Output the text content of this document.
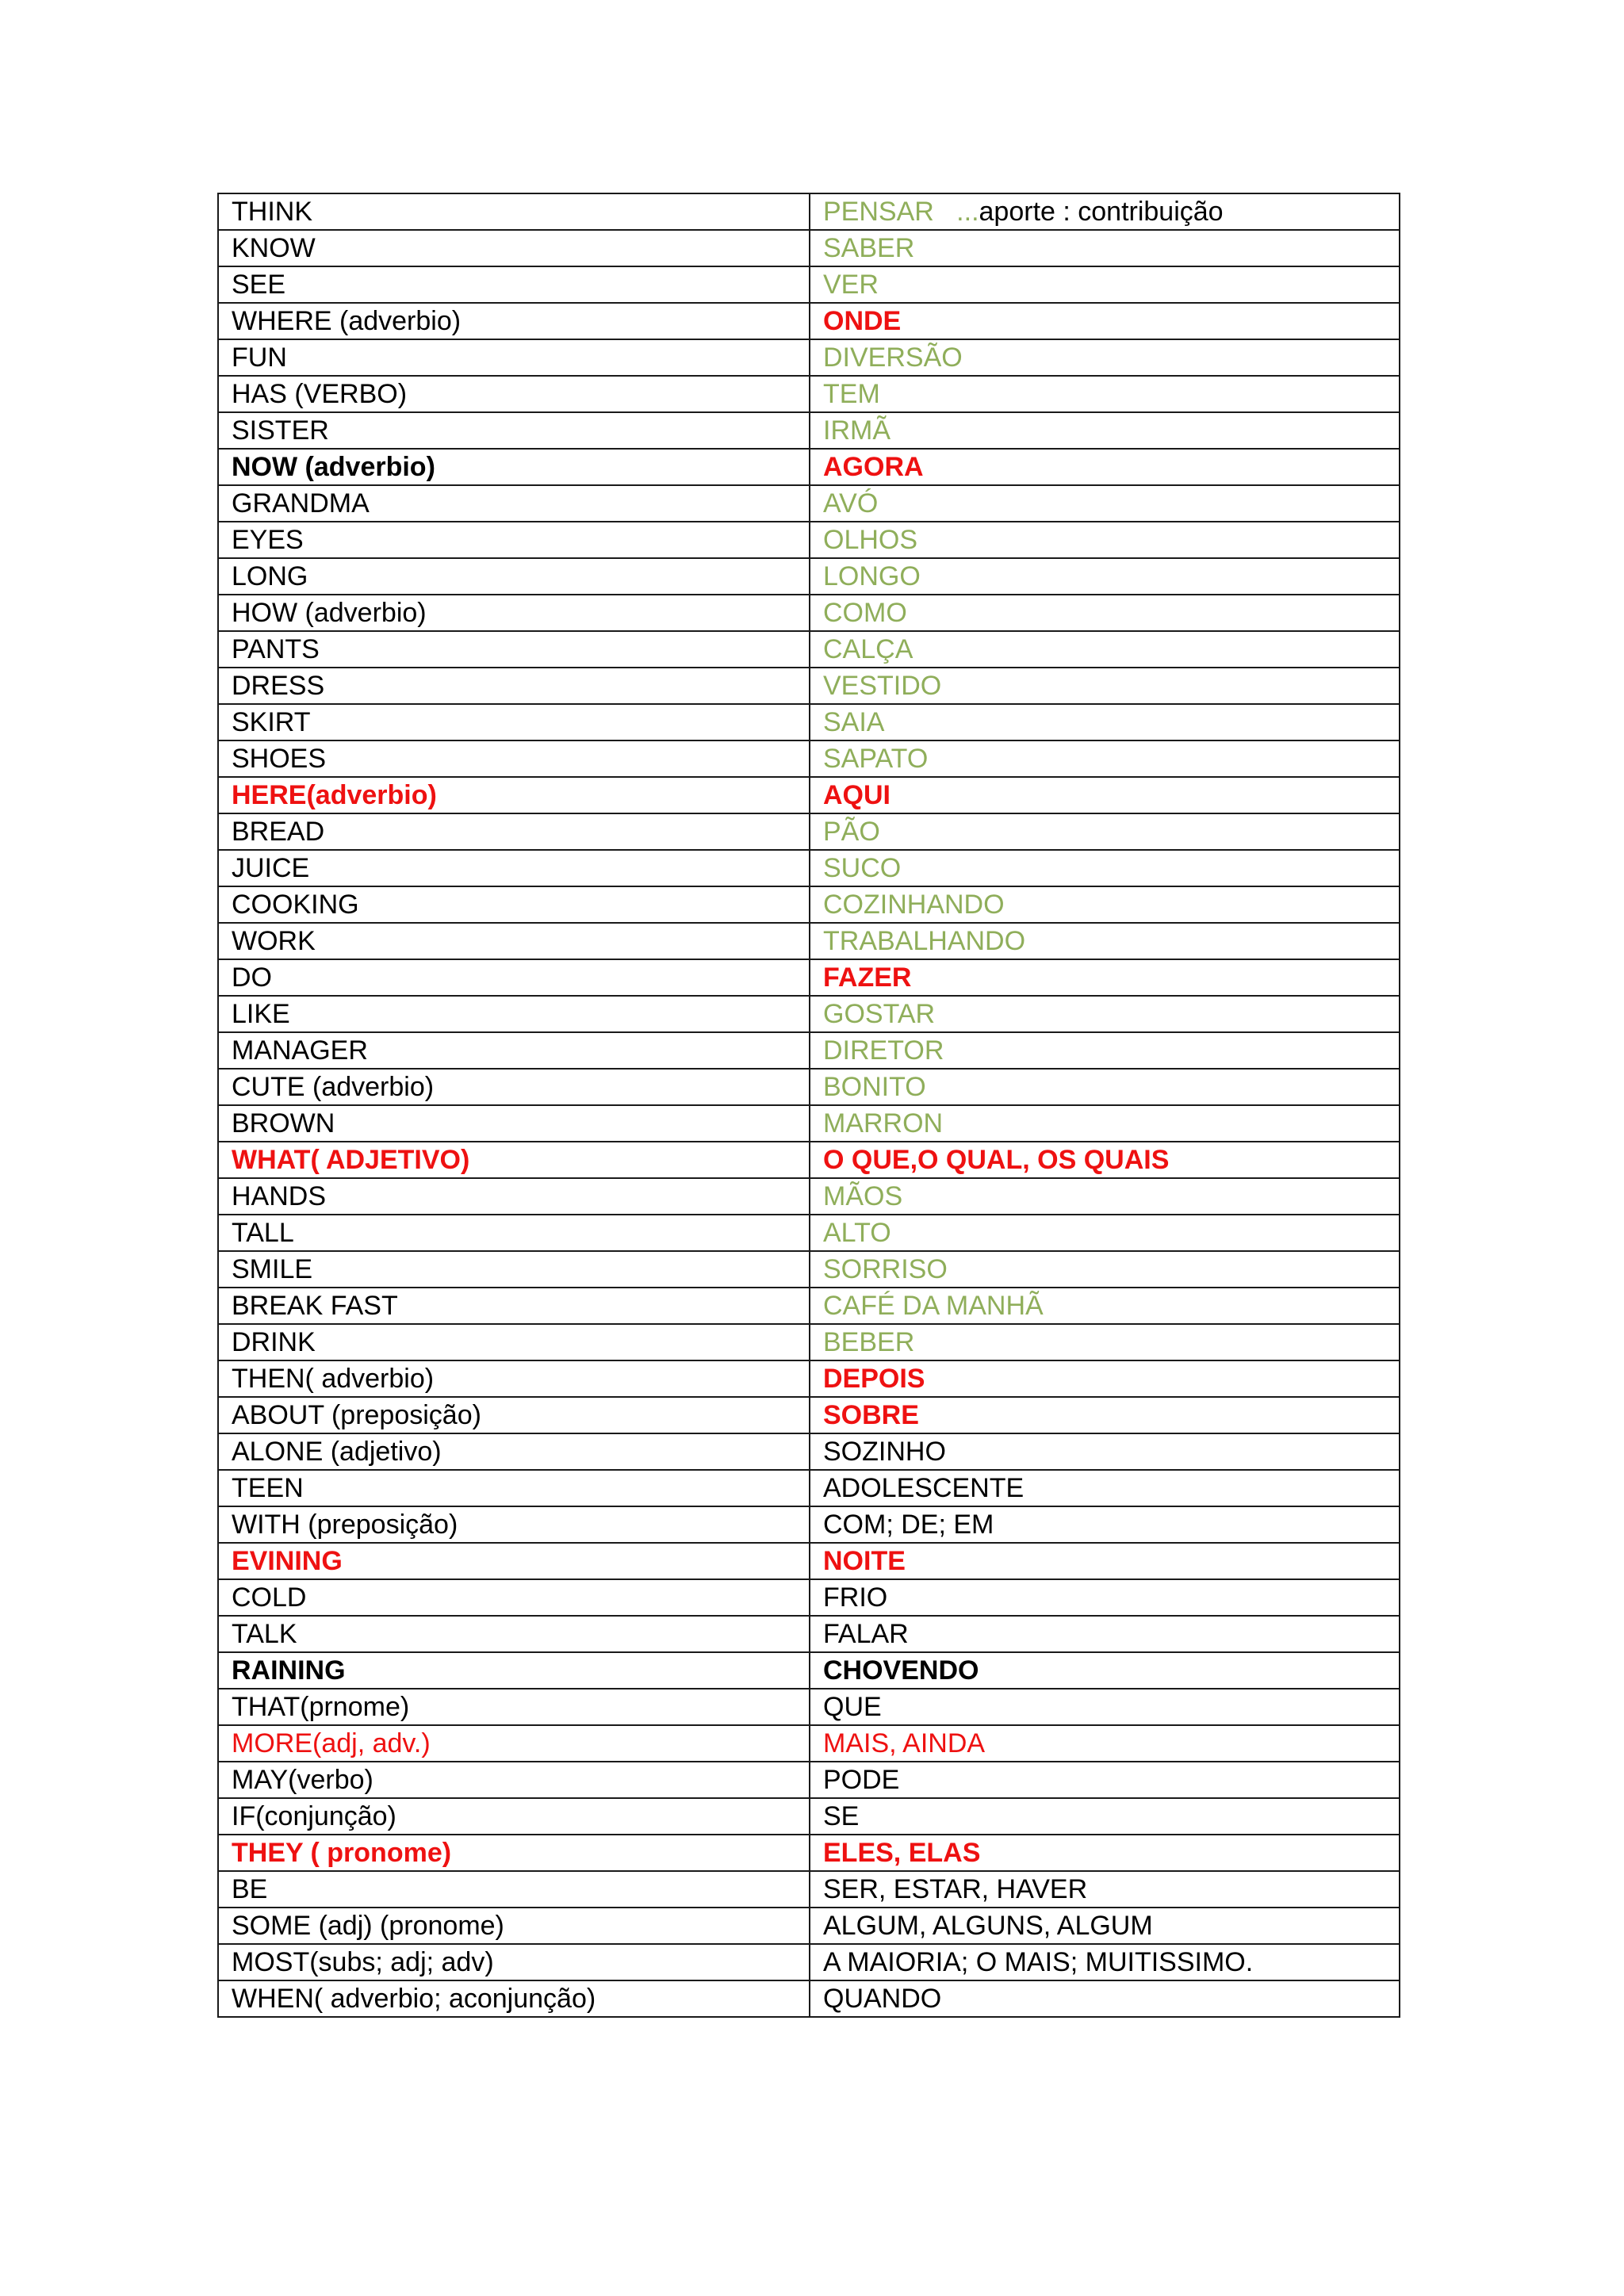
THINK	PENSAR ...aporte : contribuição
KNOW	SABER
SEE	VER
WHERE (adverbio)	ONDE
FUN	DIVERSÃO
HAS (VERBO)	TEM
SISTER	IRMÃ
NOW (adverbio)	AGORA
GRANDMA	AVÓ
EYES	OLHOS
LONG	LONGO
HOW (adverbio)	COMO
PANTS	CALÇA
DRESS	VESTIDO
SKIRT	SAIA
SHOES	SAPATO
HERE(adverbio)	AQUI
BREAD	PÃO
JUICE	SUCO
COOKING	COZINHANDO
WORK	TRABALHANDO
DO	FAZER
LIKE	GOSTAR
MANAGER	DIRETOR
CUTE (adverbio)	BONITO
BROWN	MARRON
WHAT( ADJETIVO)	O QUE,O QUAL, OS QUAIS
HANDS	MÃOS
TALL	ALTO
SMILE	SORRISO
BREAK FAST	CAFÉ DA MANHÃ
DRINK	BEBER
THEN( adverbio)	DEPOIS
ABOUT (preposição)	SOBRE
ALONE (adjetivo)	SOZINHO
TEEN	ADOLESCENTE
WITH (preposição)	COM; DE; EM
EVINING	NOITE
COLD	FRIO
TALK	FALAR
RAINING	CHOVENDO
THAT(prnome)	QUE
MORE(adj, adv.)	MAIS, AINDA
MAY(verbo)	PODE
IF(conjunção)	SE
THEY ( pronome)	ELES, ELAS
BE	SER, ESTAR, HAVER
SOME (adj) (pronome)	ALGUM, ALGUNS, ALGUM
MOST(subs; adj; adv)	A MAIORIA; O MAIS; MUITISSIMO.
WHEN( adverbio; aconjunção)	QUANDO
